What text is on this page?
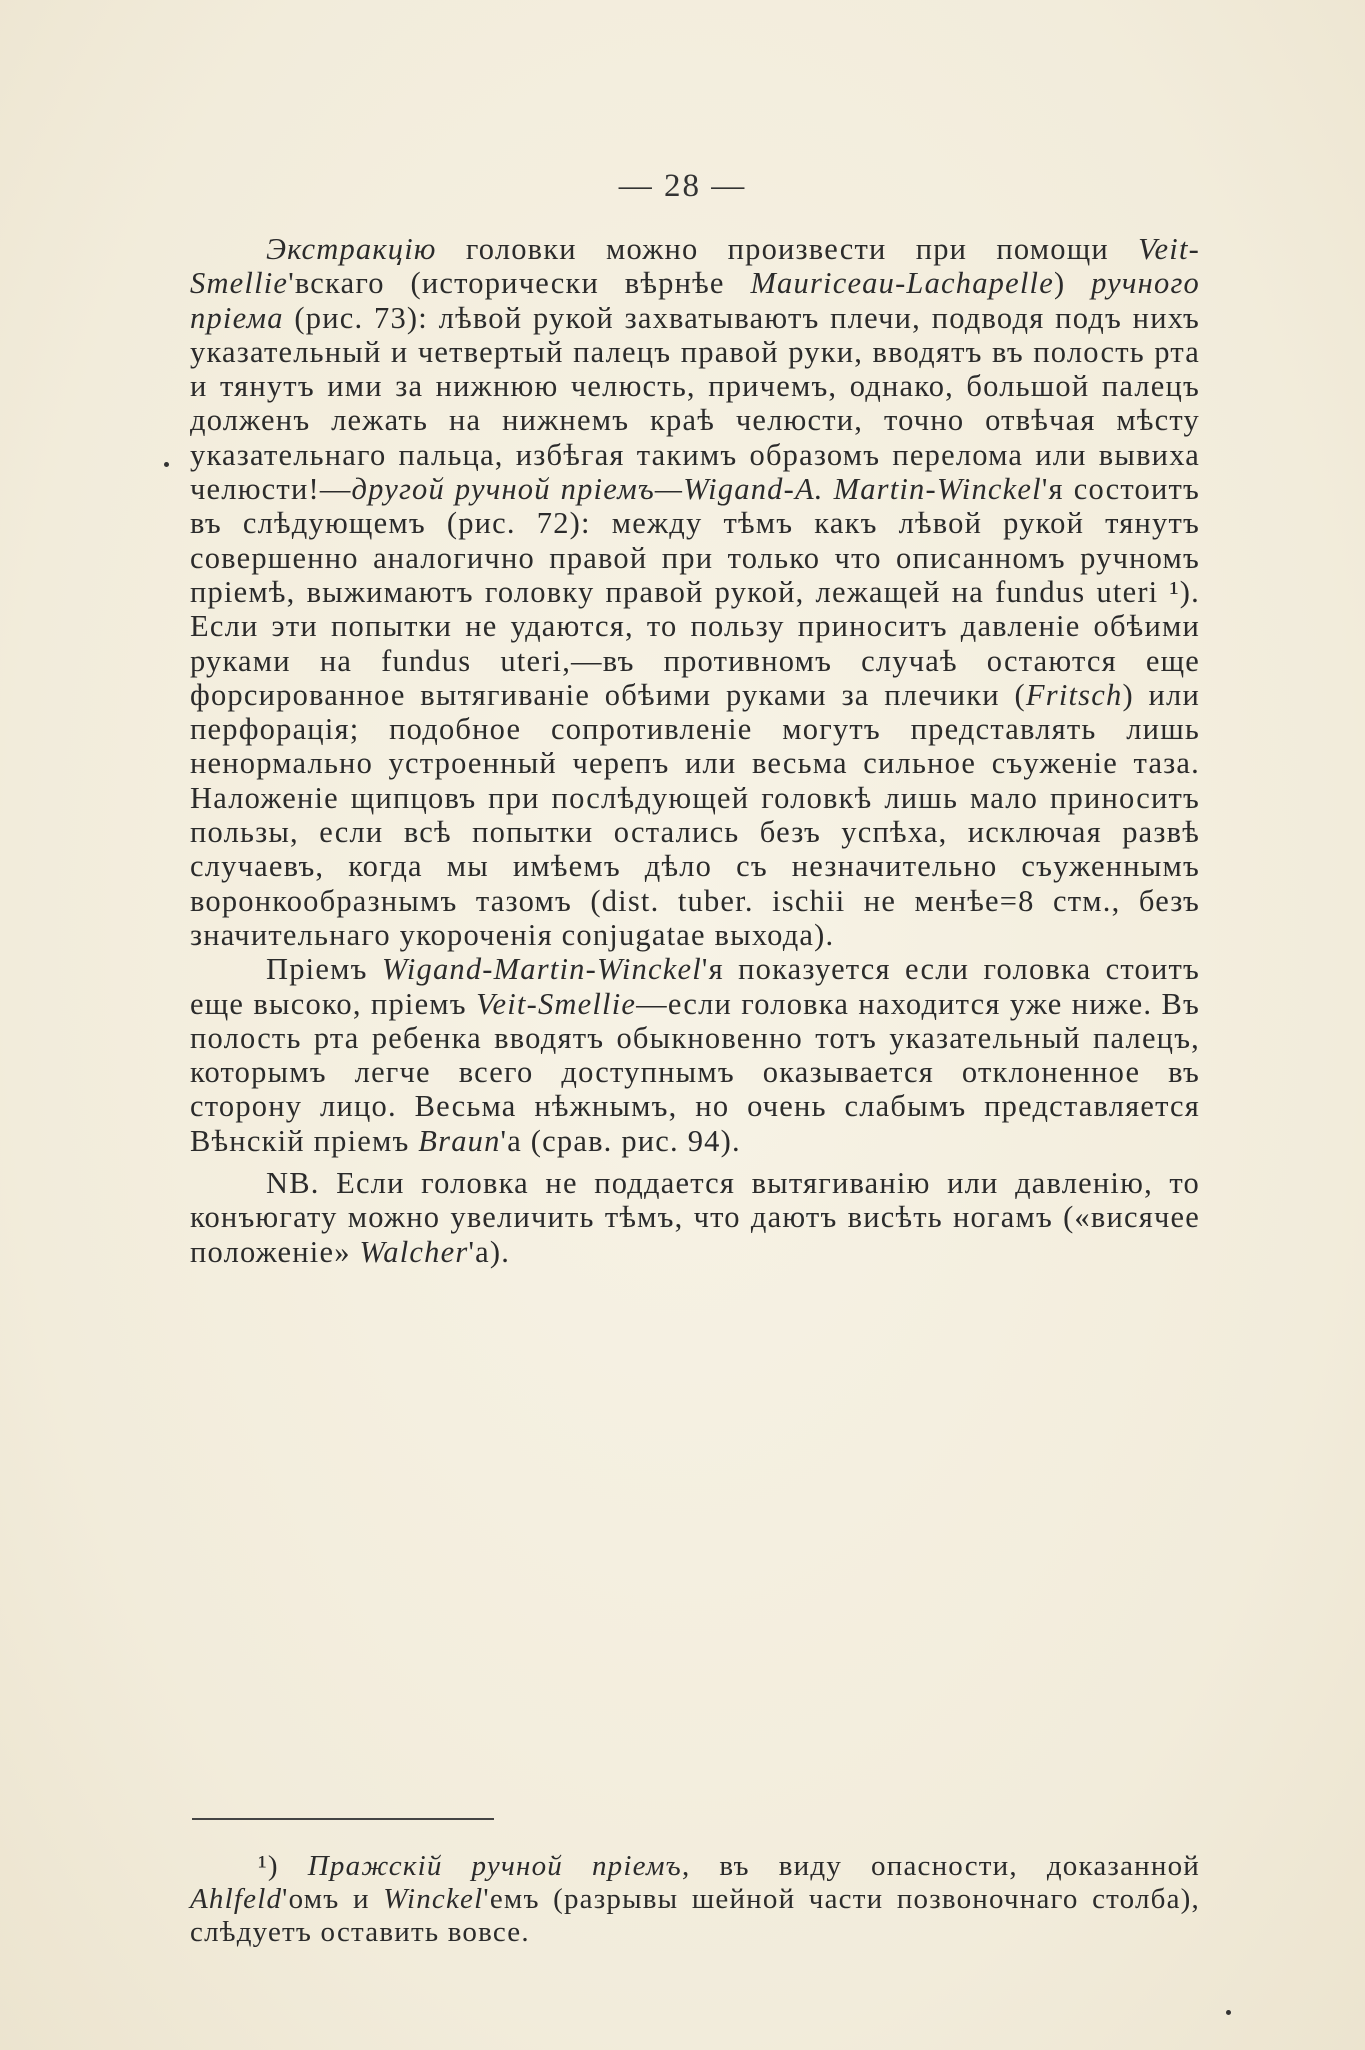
— 28 —

Экстракцію головки можно произвести при помощи Veit-Smellie'вскаго (исторически вѣрнѣе Mauriceau-Lachapelle) ручного пріема (рис. 73): лѣвой рукой захватываютъ плечи, подводя подъ нихъ указательный и четвертый палецъ правой руки, вводятъ въ полость рта и тянутъ ими за нижнюю челюсть, причемъ, однако, большой палецъ долженъ лежать на нижнемъ краѣ челюсти, точно отвѣчая мѣсту указательнаго пальца, избѣгая такимъ образомъ перелома или вывиха челюсти!—другой ручной пріемъ—Wigand-A. Martin-Winckel'я состоитъ въ слѣдующемъ (рис. 72): между тѣмъ какъ лѣвой рукой тянутъ совершенно аналогично правой при только что описанномъ ручномъ пріемѣ, выжимаютъ головку правой рукой, лежащей на fundus uteri ¹). Если эти попытки не удаются, то пользу приноситъ давленіе обѣими руками на fundus uteri,—въ противномъ случаѣ остаются еще форсированное вытягиваніе обѣими руками за плечики (Fritsch) или перфорація; подобное сопротивленіе могутъ представлять лишь ненормально устроенный черепъ или весьма сильное съуженіе таза. Наложеніе щипцовъ при послѣдующей головкѣ лишь мало приноситъ пользы, если всѣ попытки остались безъ успѣха, исключая развѣ случаевъ, когда мы имѣемъ дѣло съ незначительно съуженнымъ воронкообразнымъ тазомъ (dist. tuber. ischii не менѣе=8 стм., безъ значительнаго укороченія conjugatae выхода).

Пріемъ Wigand-Martin-Winckel'я показуется если головка стоитъ еще высоко, пріемъ Veit-Smellie—если головка находится уже ниже. Въ полость рта ребенка вводятъ обыкновенно тотъ указательный палецъ, которымъ легче всего доступнымъ оказывается отклоненное въ сторону лицо. Весьма нѣжнымъ, но очень слабымъ представляется Вѣнскій пріемъ Braun'а (срав. рис. 94).

NB. Если головка не поддается вытягиванію или давленію, то конъюгату можно увеличить тѣмъ, что даютъ висѣть ногамъ («висячее положеніе» Walcher'а).

¹) Пражскій ручной пріемъ, въ виду опасности, доказанной Ahlfeld'омъ и Winckel'емъ (разрывы шейной части позвоночнаго столба), слѣдуетъ оставить вовсе.
